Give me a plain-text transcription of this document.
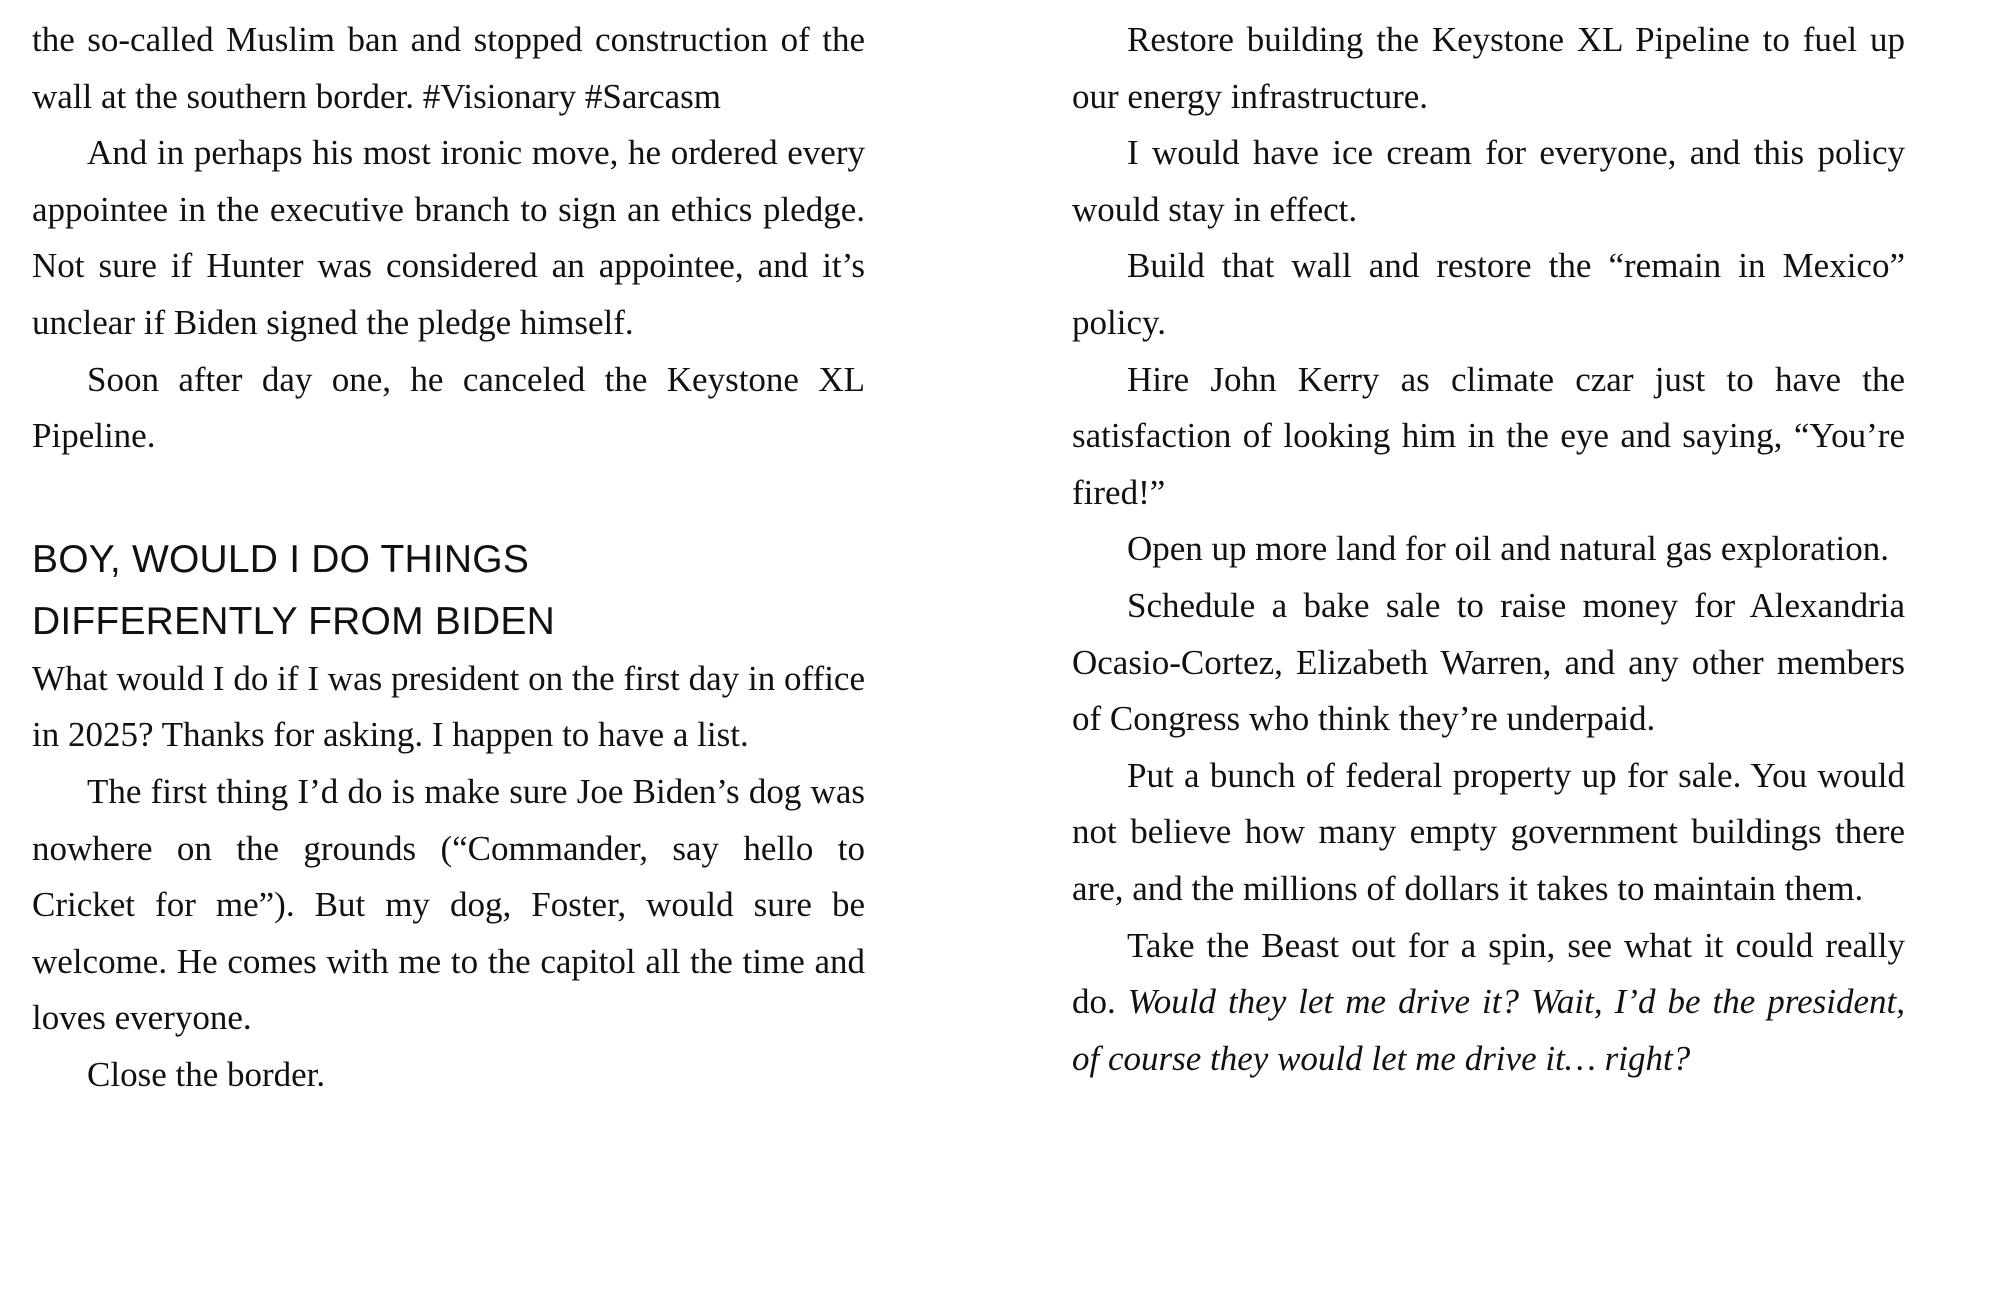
the so-called Muslim ban and stopped construction of the wall at the southern border. #Visionary #Sarcasm

And in perhaps his most ironic move, he ordered every appointee in the executive branch to sign an ethics pledge. Not sure if Hunter was considered an appointee, and it’s unclear if Biden signed the pledge himself.

Soon after day one, he canceled the Keystone XL Pipeline.

BOY, WOULD I DO THINGS
DIFFERENTLY FROM BIDEN

What would I do if I was president on the first day in office in 2025? Thanks for asking. I happen to have a list.

The first thing I’d do is make sure Joe Biden’s dog was nowhere on the grounds (“Commander, say hello to Cricket for me”). But my dog, Foster, would sure be welcome. He comes with me to the capitol all the time and loves everyone.

Close the border.

Restore building the Keystone XL Pipeline to fuel up our energy infrastructure.

I would have ice cream for everyone, and this policy would stay in effect.

Build that wall and restore the “remain in Mexico” policy.

Hire John Kerry as climate czar just to have the satisfaction of looking him in the eye and saying, “You’re fired!”

Open up more land for oil and natural gas exploration.

Schedule a bake sale to raise money for Alexandria Ocasio-Cortez, Elizabeth Warren, and any other members of Congress who think they’re underpaid.

Put a bunch of federal property up for sale. You would not believe how many empty government buildings there are, and the millions of dollars it takes to maintain them.

Take the Beast out for a spin, see what it could really do. Would they let me drive it? Wait, I’d be the president, of course they would let me drive it… right?
